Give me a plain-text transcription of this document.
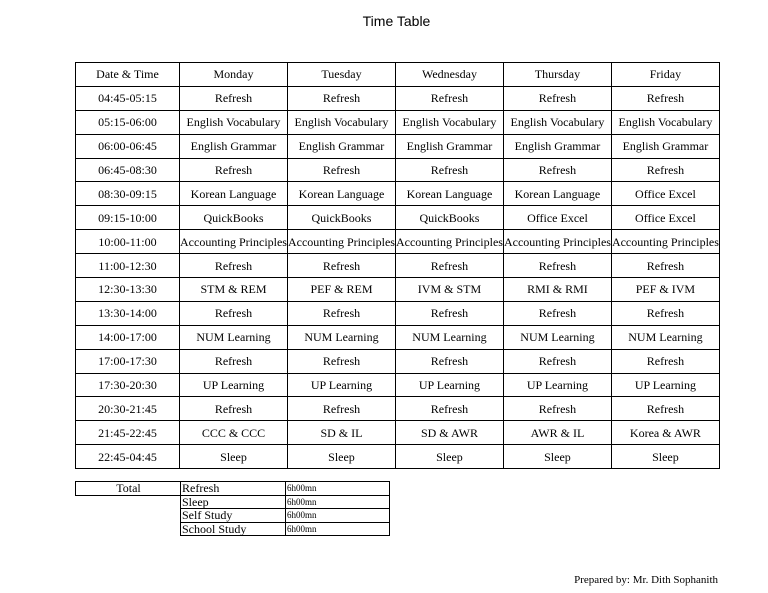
Time Table
Date & Time	Monday	Tuesday	Wednesday	Thursday	Friday
04:45-05:15	Refresh	Refresh	Refresh	Refresh	Refresh
05:15-06:00	English Vocabulary	English Vocabulary	English Vocabulary	English Vocabulary	English Vocabulary
06:00-06:45	English Grammar	English Grammar	English Grammar	English Grammar	English Grammar
06:45-08:30	Refresh	Refresh	Refresh	Refresh	Refresh
08:30-09:15	Korean Language	Korean Language	Korean Language	Korean Language	Office Excel
09:15-10:00	QuickBooks	QuickBooks	QuickBooks	Office Excel	Office Excel
10:00-11:00	Accounting Principles	Accounting Principles	Accounting Principles	Accounting Principles	Accounting Principles
11:00-12:30	Refresh	Refresh	Refresh	Refresh	Refresh
12:30-13:30	STM & REM	PEF & REM	IVM & STM	RMI & RMI	PEF & IVM
13:30-14:00	Refresh	Refresh	Refresh	Refresh	Refresh
14:00-17:00	NUM Learning	NUM Learning	NUM Learning	NUM Learning	NUM Learning
17:00-17:30	Refresh	Refresh	Refresh	Refresh	Refresh
17:30-20:30	UP Learning	UP Learning	UP Learning	UP Learning	UP Learning
20:30-21:45	Refresh	Refresh	Refresh	Refresh	Refresh
21:45-22:45	CCC & CCC	SD & IL	SD & AWR	AWR & IL	Korea & AWR
22:45-04:45	Sleep	Sleep	Sleep	Sleep	Sleep
Total	Refresh	6h00mn
	Sleep	6h00mn
	Self Study	6h00mn
	School Study	6h00mn
Prepared by: Mr. Dith Sophanith
